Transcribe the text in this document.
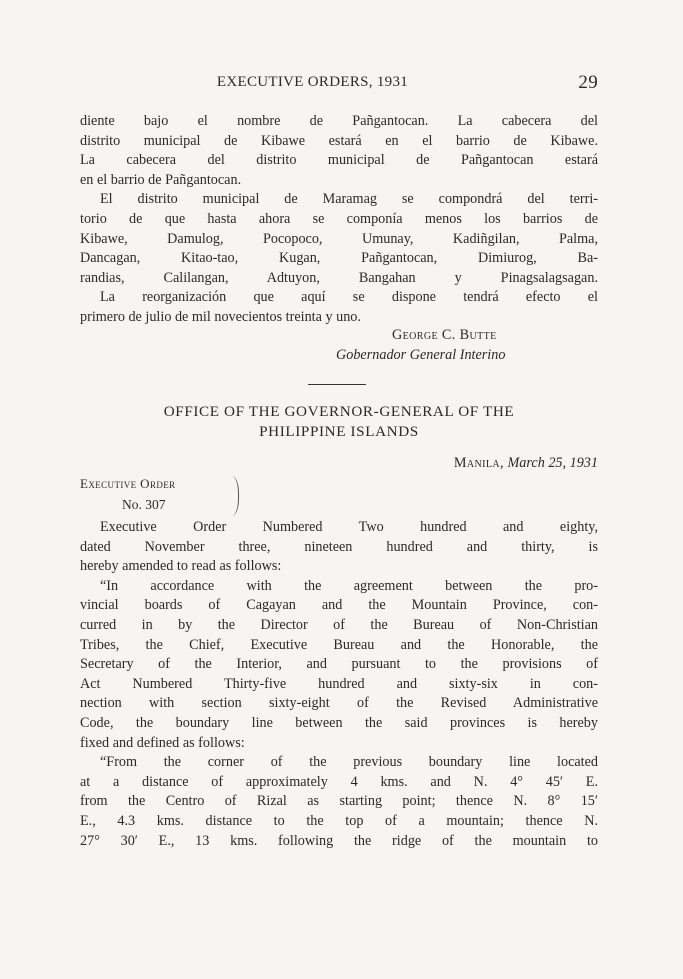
EXECUTIVE ORDERS, 1931	29
diente bajo el nombre de Pañgantocan. La cabecera del
distrito municipal de Kibawe estará en el barrio de Kibawe.
La cabecera del distrito municipal de Pañgantocan estará
en el barrio de Pañgantocan.
El distrito municipal de Maramag se compondrá del terri-
torio de que hasta ahora se componía menos los barrios de
Kibawe, Damulog, Pocopoco, Umunay, Kadiñgilan, Palma,
Dancagan, Kitao-tao, Kugan, Pañgantocan, Dimiurog, Ba-
randias, Calilangan, Adtuyon, Bangahan y Pinagsalagsagan.
La reorganización que aquí se dispone tendrá efecto el
primero de julio de mil novecientos treinta y uno.
George C. Butte
Gobernador General Interino
OFFICE OF THE GOVERNOR-GENERAL OF THE
PHILIPPINE ISLANDS
Manila, March 25, 1931
Executive Order
No. 307
Executive Order Numbered Two hundred and eighty,
dated November three, nineteen hundred and thirty, is
hereby amended to read as follows:
“In accordance with the agreement between the pro-
vincial boards of Cagayan and the Mountain Province, con-
curred in by the Director of the Bureau of Non-Christian
Tribes, the Chief, Executive Bureau and the Honorable, the
Secretary of the Interior, and pursuant to the provisions of
Act Numbered Thirty-five hundred and sixty-six in con-
nection with section sixty-eight of the Revised Administrative
Code, the boundary line between the said provinces is hereby
fixed and defined as follows:
“From the corner of the previous boundary line located
at a distance of approximately 4 kms. and N. 4° 45′ E.
from the Centro of Rizal as starting point; thence N. 8° 15′
E., 4.3 kms. distance to the top of a mountain; thence N.
27° 30′ E., 13 kms. following the ridge of the mountain to
